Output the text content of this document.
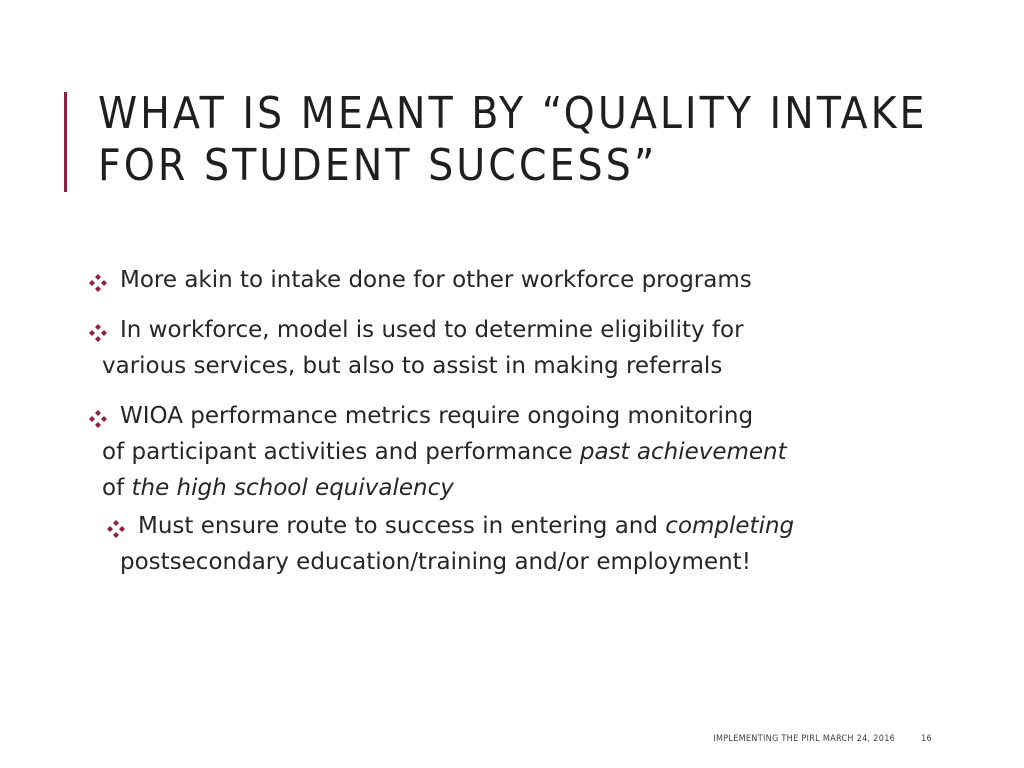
WHAT IS MEANT BY “QUALITY INTAKE
FOR STUDENT SUCCESS”
More akin to intake done for other workforce programs
In workforce, model is used to determine eligibility for
various services, but also to assist in making referrals
WIOA performance metrics require ongoing monitoring
of participant activities and performance past achievement
of the high school equivalency
Must ensure route to success in entering and completing
postsecondary education/training and/or employment!
IMPLEMENTING THE PIRL MARCH 24, 2016	16
